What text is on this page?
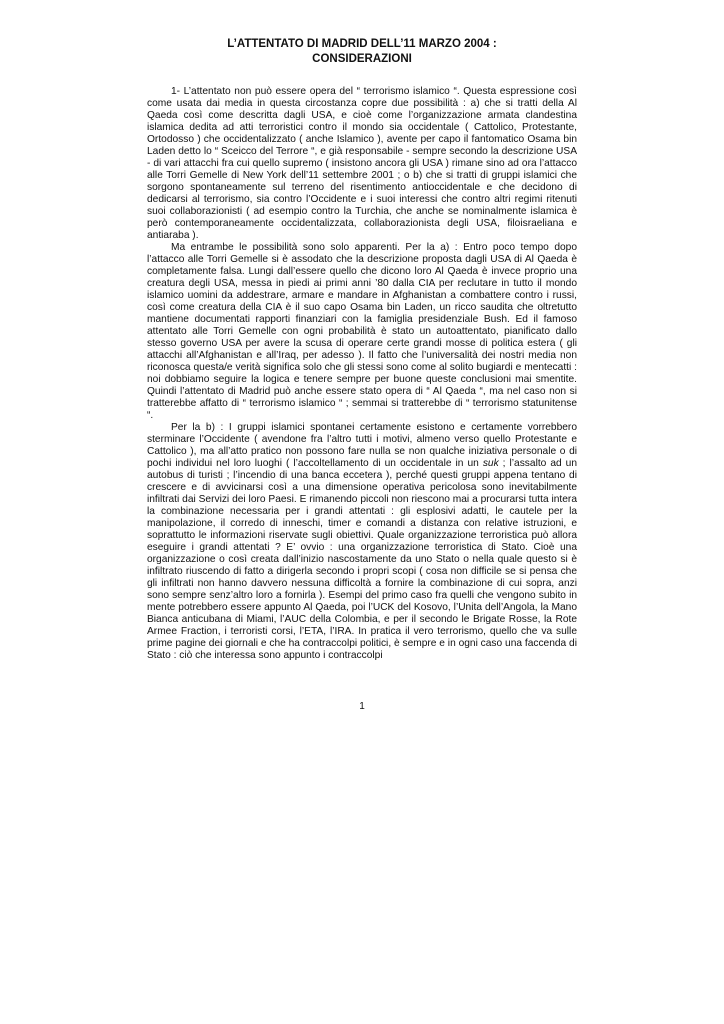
L’ATTENTATO DI MADRID DELL’11 MARZO 2004 :
CONSIDERAZIONI

1- L’attentato non può essere opera del “ terrorismo islamico “. Questa espressione così come usata dai media in questa circostanza copre due possibilità : a) che si tratti della Al Qaeda così come descritta dagli USA, e cioè come l’organizzazione armata clandestina islamica dedita ad atti terroristici contro il mondo sia occidentale ( Cattolico, Protestante, Ortodosso ) che occidentalizzato ( anche Islamico ), avente per capo il fantomatico Osama bin Laden detto lo “ Sceicco del Terrore “, e già responsabile - sempre secondo la descrizione USA - di vari attacchi fra cui quello supremo ( insistono ancora gli USA ) rimane sino ad ora l’attacco alle Torri Gemelle di New York dell’11 settembre 2001 ; o b) che si tratti di gruppi islamici che sorgono spontaneamente sul terreno del risentimento antioccidentale e che decidono di dedicarsi al terrorismo, sia contro l’Occidente e i suoi interessi che contro altri regimi ritenuti suoi collaborazionisti ( ad esempio contro la Turchia, che anche se nominalmente islamica è però contemporaneamente occidentalizzata, collaborazionista degli USA, filoisraeliana e antiaraba ).

Ma entrambe le possibilità sono solo apparenti. Per la a) : Entro poco tempo dopo l’attacco alle Torri Gemelle si è assodato che la descrizione proposta dagli USA di Al Qaeda è completamente falsa. Lungi dall’essere quello che dicono loro Al Qaeda è invece proprio una creatura degli USA, messa in piedi ai primi anni ’80 dalla CIA per reclutare in tutto il mondo islamico uomini da addestrare, armare e mandare in Afghanistan a combattere contro i russi, così come creatura della CIA è il suo capo Osama bin Laden, un ricco saudita che oltretutto mantiene documentati rapporti finanziari con la famiglia presidenziale Bush. Ed il famoso attentato alle Torri Gemelle con ogni probabilità è stato un autoattentato, pianificato dallo stesso governo USA per avere la scusa di operare certe grandi mosse di politica estera ( gli attacchi all’Afghanistan e all’Iraq, per adesso ). Il fatto che l’universalità dei nostri media non riconosca questa/e verità significa solo che gli stessi sono come al solito bugiardi e mentecatti : noi dobbiamo seguire la logica e tenere sempre per buone queste conclusioni mai smentite. Quindi l’attentato di Madrid può anche essere stato opera di “ Al Qaeda “, ma nel caso non si tratterebbe affatto di “ terrorismo islamico “ ; semmai si tratterebbe di “ terrorismo statunitense “.

Per la b) : I gruppi islamici spontanei certamente esistono e certamente vorrebbero sterminare l’Occidente ( avendone fra l’altro tutti i motivi, almeno verso quello Protestante e Cattolico ), ma all’atto pratico non possono fare nulla se non qualche iniziativa personale o di pochi individui nel loro luoghi ( l’accoltellamento di un occidentale in un suk ; l’assalto ad un autobus di turisti ; l’incendio di una banca eccetera ), perché questi gruppi appena tentano di crescere e di avvicinarsi così a una dimensione operativa pericolosa sono inevitabilmente infiltrati dai Servizi dei loro Paesi. E rimanendo piccoli non riescono mai a procurarsi tutta intera la combinazione necessaria per i grandi attentati : gli esplosivi adatti, le cautele per la manipolazione, il corredo di inneschi, timer e comandi a distanza con relative istruzioni, e soprattutto le informazioni riservate sugli obiettivi. Quale organizzazione terroristica può allora eseguire i grandi attentati ? E’ ovvio : una organizzazione terroristica di Stato. Cioè una organizzazione o così creata dall’inizio nascostamente da uno Stato o nella quale questo si è infiltrato riuscendo di fatto a dirigerla secondo i propri scopi ( cosa non difficile se si pensa che gli infiltrati non hanno davvero nessuna difficoltà a fornire la combinazione di cui sopra, anzi sono sempre senz’altro loro a fornirla ). Esempi del primo caso fra quelli che vengono subito in mente potrebbero essere appunto Al Qaeda, poi l’UCK del Kosovo, l’Unita dell’Angola, la Mano Bianca anticubana di Miami, l’AUC della Colombia, e per il secondo le Brigate Rosse, la Rote Armee Fraction, i terroristi corsi, l’ETA, l’IRA. In pratica il vero terrorismo, quello che va sulle prime pagine dei giornali e che ha contraccolpi politici, è sempre e in ogni caso una faccenda di Stato : ciò che interessa sono appunto i contraccolpi

1
